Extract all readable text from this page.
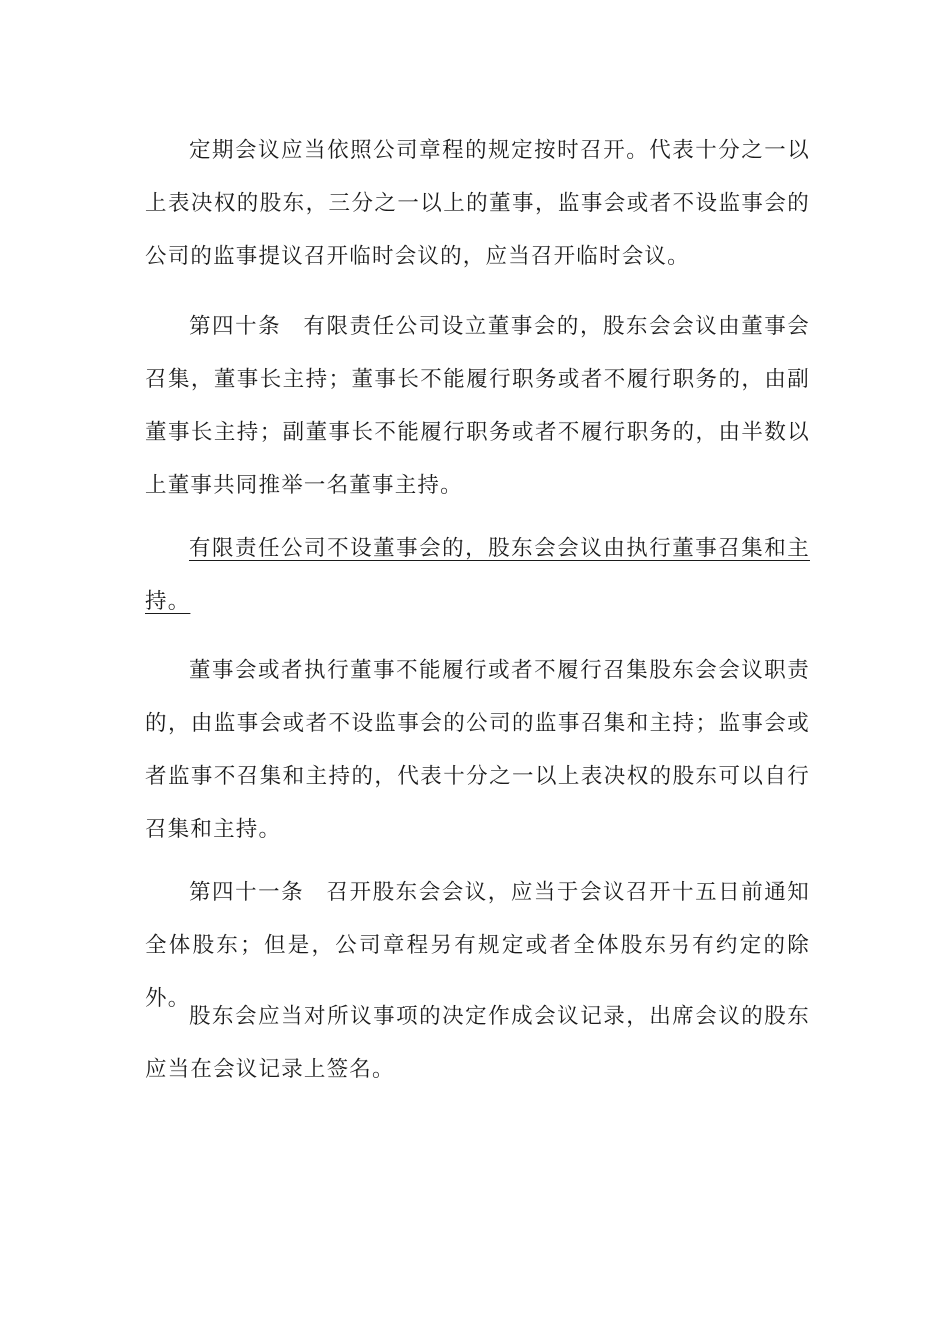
定期会议应当依照公司章程的规定按时召开。代表十分之一以上表决权的股东，三分之一以上的董事，监事会或者不设监事会的公司的监事提议召开临时会议的，应当召开临时会议。

第四十条 有限责任公司设立董事会的，股东会会议由董事会召集，董事长主持；董事长不能履行职务或者不履行职务的，由副董事长主持；副董事长不能履行职务或者不履行职务的，由半数以上董事共同推举一名董事主持。

有限责任公司不设董事会的，股东会会议由执行董事召集和主持。

董事会或者执行董事不能履行或者不履行召集股东会会议职责的，由监事会或者不设监事会的公司的监事召集和主持；监事会或者监事不召集和主持的，代表十分之一以上表决权的股东可以自行召集和主持。

第四十一条 召开股东会会议，应当于会议召开十五日前通知全体股东；但是，公司章程另有规定或者全体股东另有约定的除外。

股东会应当对所议事项的决定作成会议记录，出席会议的股东应当在会议记录上签名。
